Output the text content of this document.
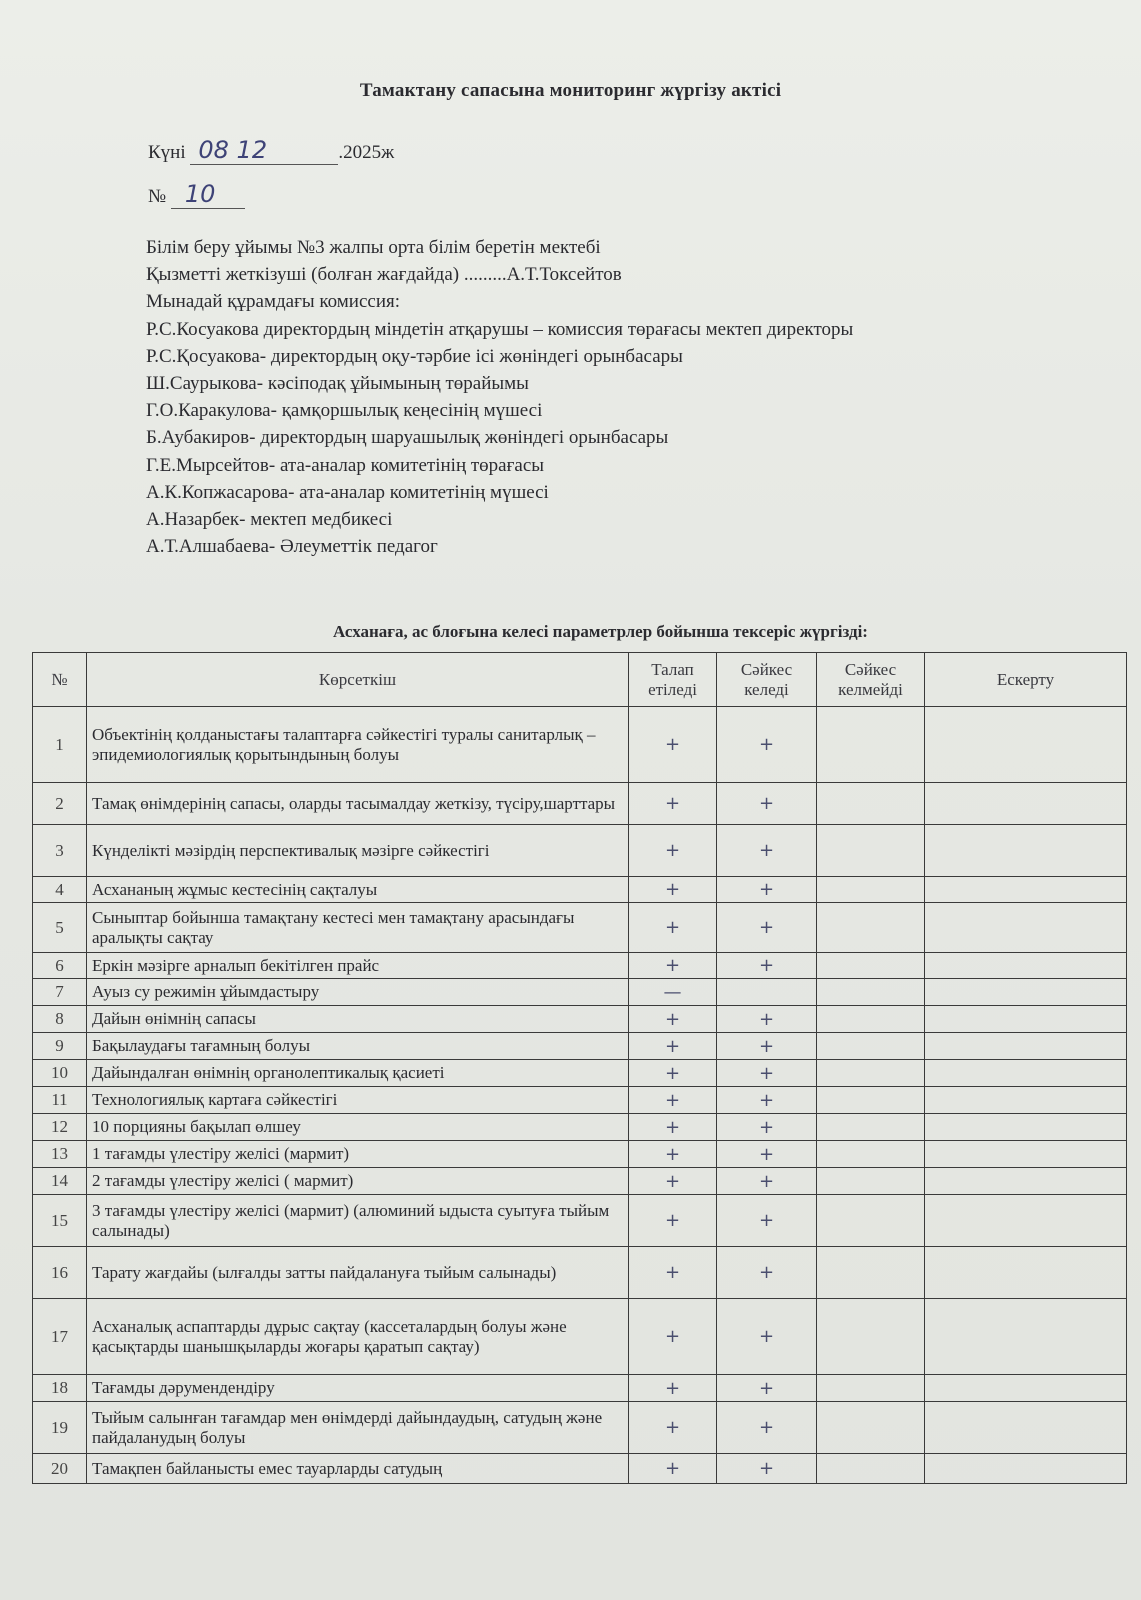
Тамактану сапасына мониторинг жүргізу актісі
Күні 08 12	.2025ж
№ 10
Білім беру ұйымы №3 жалпы орта білім беретін мектебі
Қызметті жеткізуші (болған жағдайда) .........А.Т.Токсейтов
Мынадай құрамдағы комиссия:
Р.С.Косуакова директордың міндетін атқарушы – комиссия төрағасы мектеп директоры
Р.С.Қосуакова- директордың оқу-тәрбие ісі жөніндегі орынбасары
Ш.Саурыкова- кәсіподақ ұйымының төрайымы
Г.О.Каракулова- қамқоршылық кеңесінің мүшесі
Б.Аубакиров- директордың шаруашылық жөніндегі орынбасары
Г.Е.Мырсейтов- ата-аналар комитетінің төрағасы
А.К.Копжасарова- ата-аналар комитетінің мүшесі
А.Назарбек- мектеп медбикесі
А.Т.Алшабаева- Әлеуметтік педагог
Асханаға, ас блоғына келесі параметрлер бойынша тексеріс жүргізді:
№	Көрсеткіш	Талап етіледі	Сәйкес келеді	Сәйкес келмейді	Ескерту
1	Объектінің қолданыстағы талаптарға сәйкестігі туралы санитарлық – эпидемиологиялық қорытындының болуы	+	+		
2	Тамақ өнімдерінің сапасы, оларды тасымалдау жеткізу, түсіру,шарттары	+	+		
3	Күнделікті мәзірдің перспективалық мәзірге сәйкестігі	+	+		
4	Асхананың жұмыс кестесінің сақталуы	+	+		
5	Сыныптар бойынша тамақтану кестесі мен тамақтану арасындағы аралықты сақтау	+	+		
6	Еркін мәзірге арналып бекітілген прайс	+	+		
7	Ауыз су режимін ұйымдастыру	—			
8	Дайын өнімнің сапасы	+	+		
9	Бақылаудағы тағамның болуы	+	+		
10	Дайындалған өнімнің органолептикалық қасиеті	+	+		
11	Технологиялық картаға сәйкестігі	+	+		
12	10 порцияны бақылап өлшеу	+	+		
13	1 тағамды үлестіру желісі (мармит)	+	+		
14	2 тағамды үлестіру желісі ( мармит)	+	+		
15	3 тағамды үлестіру желісі (мармит) (алюминий ыдыста суытуға тыйым салынады)	+	+		
16	Тарату жағдайы (ылғалды затты пайдалануға тыйым салынады)	+	+		
17	Асханалық аспаптарды дұрыс сақтау (кассеталардың болуы және қасықтарды шанышқыларды жоғары қаратып сақтау)	+	+		
18	Тағамды дәрумендендіру	+	+		
19	Тыйым салынған тағамдар мен өнімдерді дайындаудың, сатудың және пайдаланудың болуы	+	+		
20	Тамақпен байланысты емес тауарларды сатудың	+	+		
